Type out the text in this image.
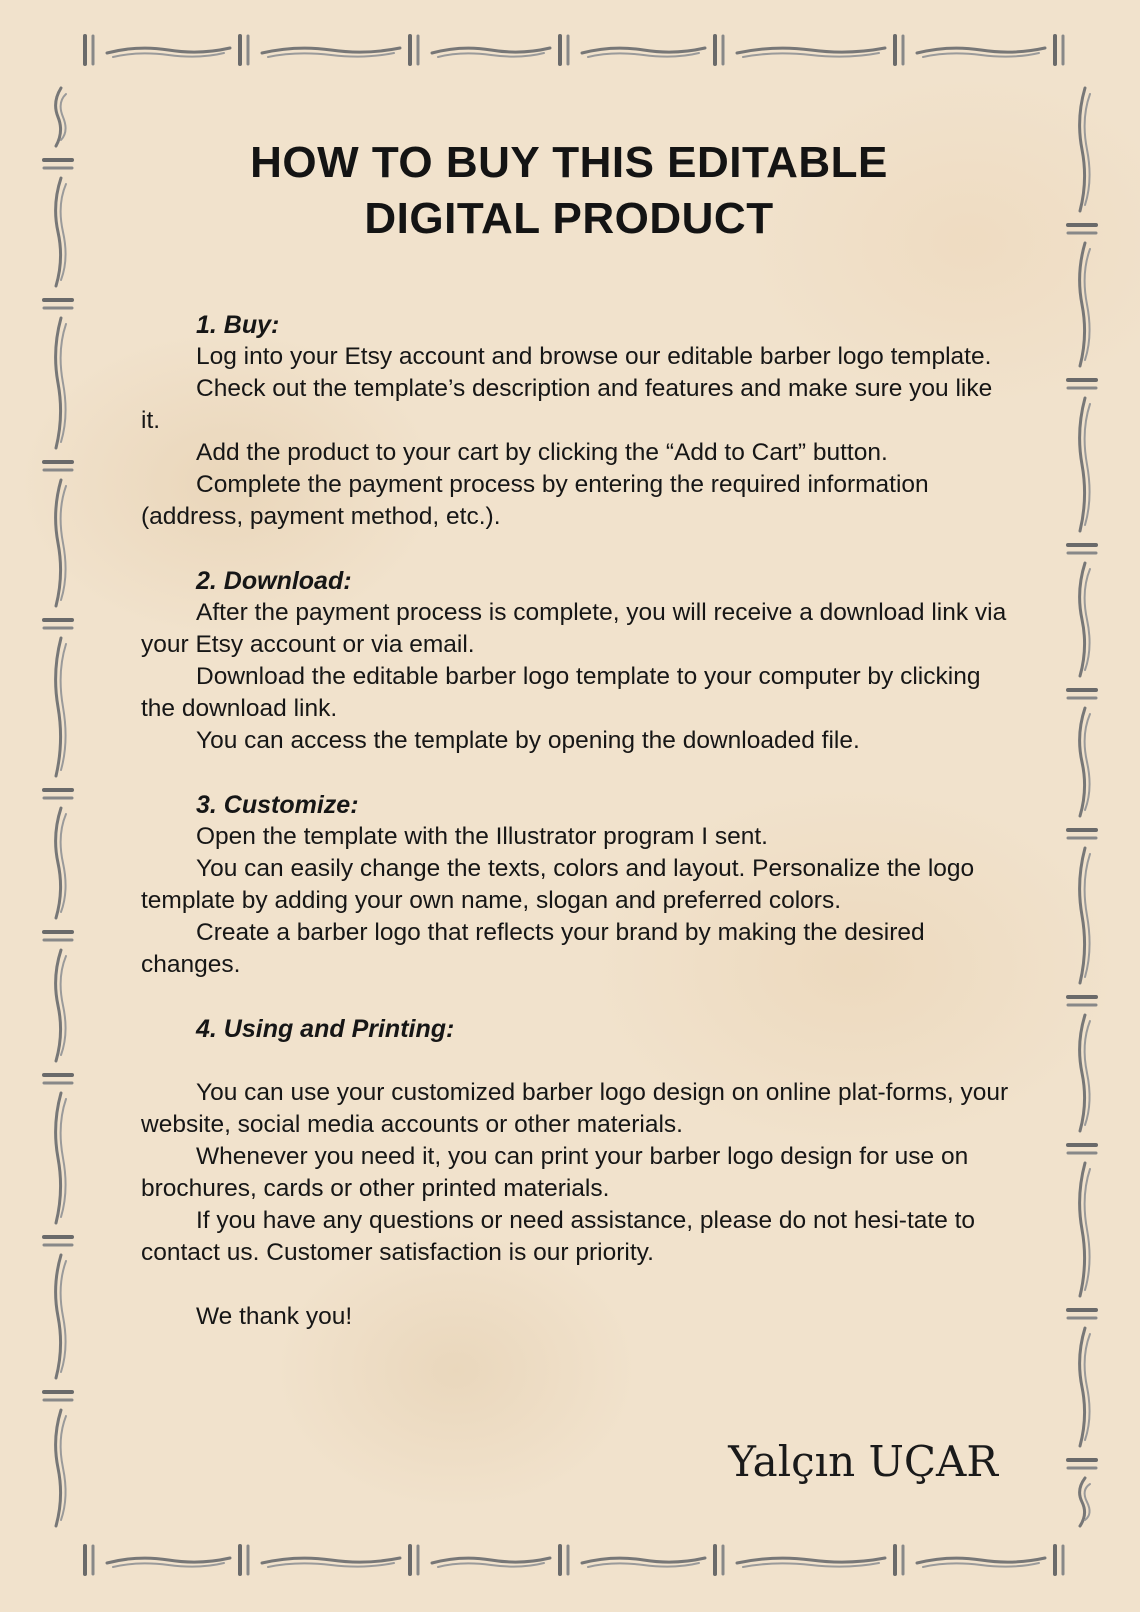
HOW TO BUY THIS EDITABLE
DIGITAL PRODUCT
1. Buy:

Log into your Etsy account and browse our editable barber logo template.

Check out the template’s description and features and make sure you like it.

Add the product to your cart by clicking the “Add to Cart” button.

Complete the payment process by entering the required information (address, payment method, etc.).

2. Download:

After the payment process is complete, you will receive a download link via your Etsy account or via email.

Download the editable barber logo template to your computer by clicking the download link.

You can access the template by opening the downloaded file.

3. Customize:

Open the template with the Illustrator program I sent.

You can easily change the texts, colors and layout. Personalize the logo template by adding your own name, slogan and preferred colors.

Create a barber logo that reflects your brand by making the desired changes.

4. Using and Printing:

You can use your customized barber logo design on online plat-forms, your website, social media accounts or other materials.

Whenever you need it, you can print your barber logo design for use on brochures, cards or other printed materials.

If you have any questions or need assistance, please do not hesi-tate to contact us. Customer satisfaction is our priority.

We thank you!
Yalçın UÇAR
